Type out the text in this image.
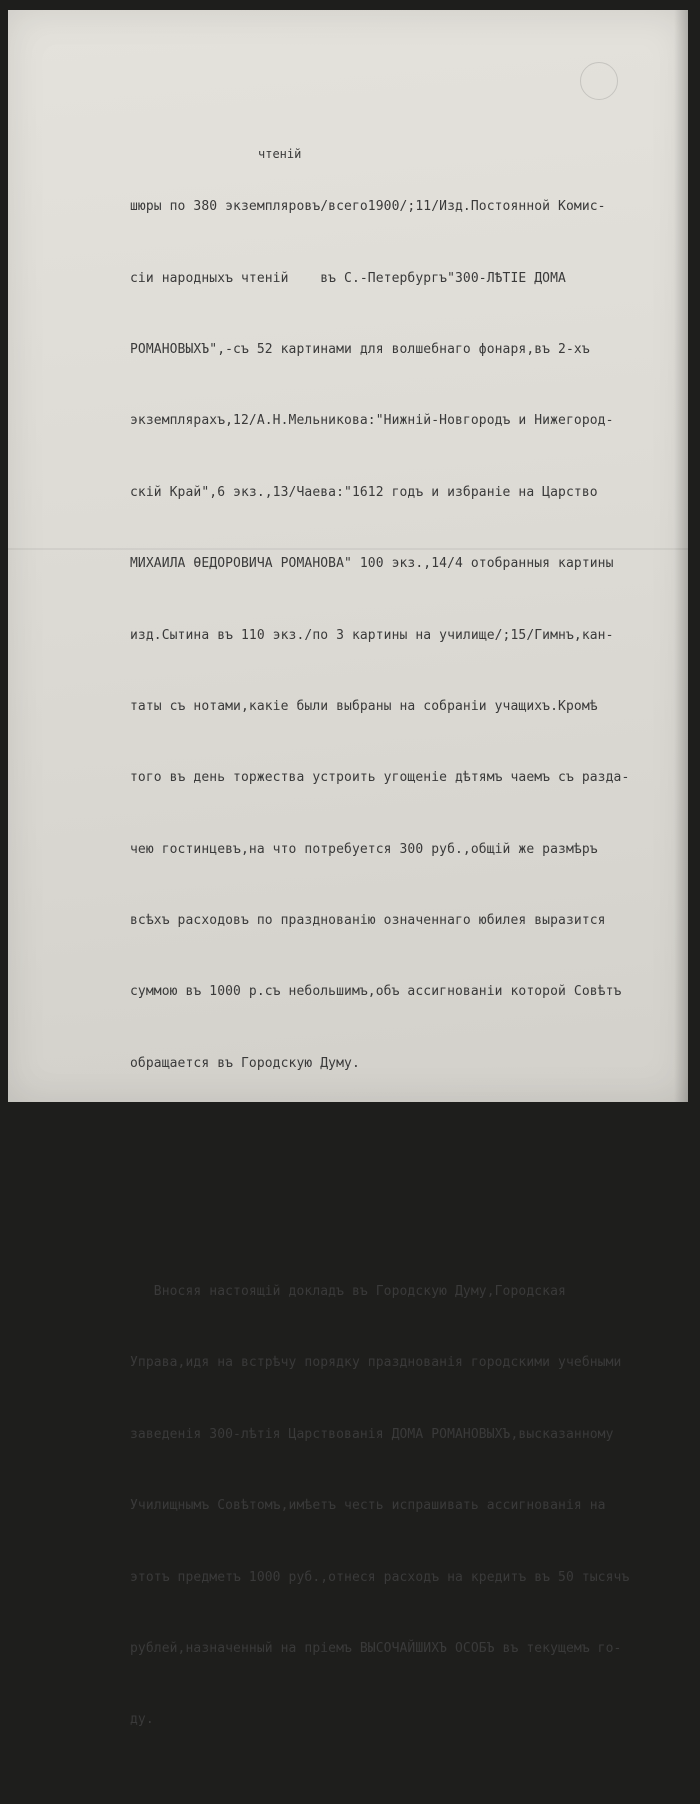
чтенiй

шюры по 380 экземпляровъ/всего1900/;11/Изд.Постоянной Комис-

сiи народныхъ чтенiй    въ С.-Петербургъ"300-ЛѢТIЕ ДОМА

РОМАНОВЫХЪ",-съ 52 картинами для волшебнаго фонаря,въ 2-хъ

экземплярахъ,12/А.Н.Мельникова:"Нижнiй-Новгородъ и Нижегород-

скiй Край",6 экз.,13/Чаева:"1612 годъ и избранiе на Царство

МИХАИЛА ѲЕДОРОВИЧА РОМАНОВА" 100 экз.,14/4 отобранныя картины

изд.Сытина въ 110 экз./по 3 картины на училище/;15/Гимнъ,кан-

таты съ нотами,какiе были выбраны на собранiи учащихъ.Кромѣ

того въ день торжества устроить угощенiе дѣтямъ чаемъ съ разда-

чею гостинцевъ,на что потребуется 300 руб.,общiй же размѣръ

всѣхъ расходовъ по празднованiю означеннаго юбилея выразится

суммою въ 1000 р.съ небольшимъ,объ ассигнованiи которой Совѣтъ

обращается въ Городскую Думу.

Вносяя настоящiй докладъ въ Городскую Думу,Городская

Управа,идя на встрѣчу порядку празднованiя городскими учебными

заведенiя 300-лѣтiя Царствованiя ДОМА РОМАНОВЫХЪ,высказанному

Училищнымъ Совѣтомъ,имѣетъ честь испрашивать ассигнованiя на

этотъ предметъ 1000 руб.,отнеся расходъ на кредитъ въ 50 тысячъ

рублей,назначенный на прiемъ ВЫСОЧАЙШИХЪ ОСОБЪ въ текущемъ го-

ду.
